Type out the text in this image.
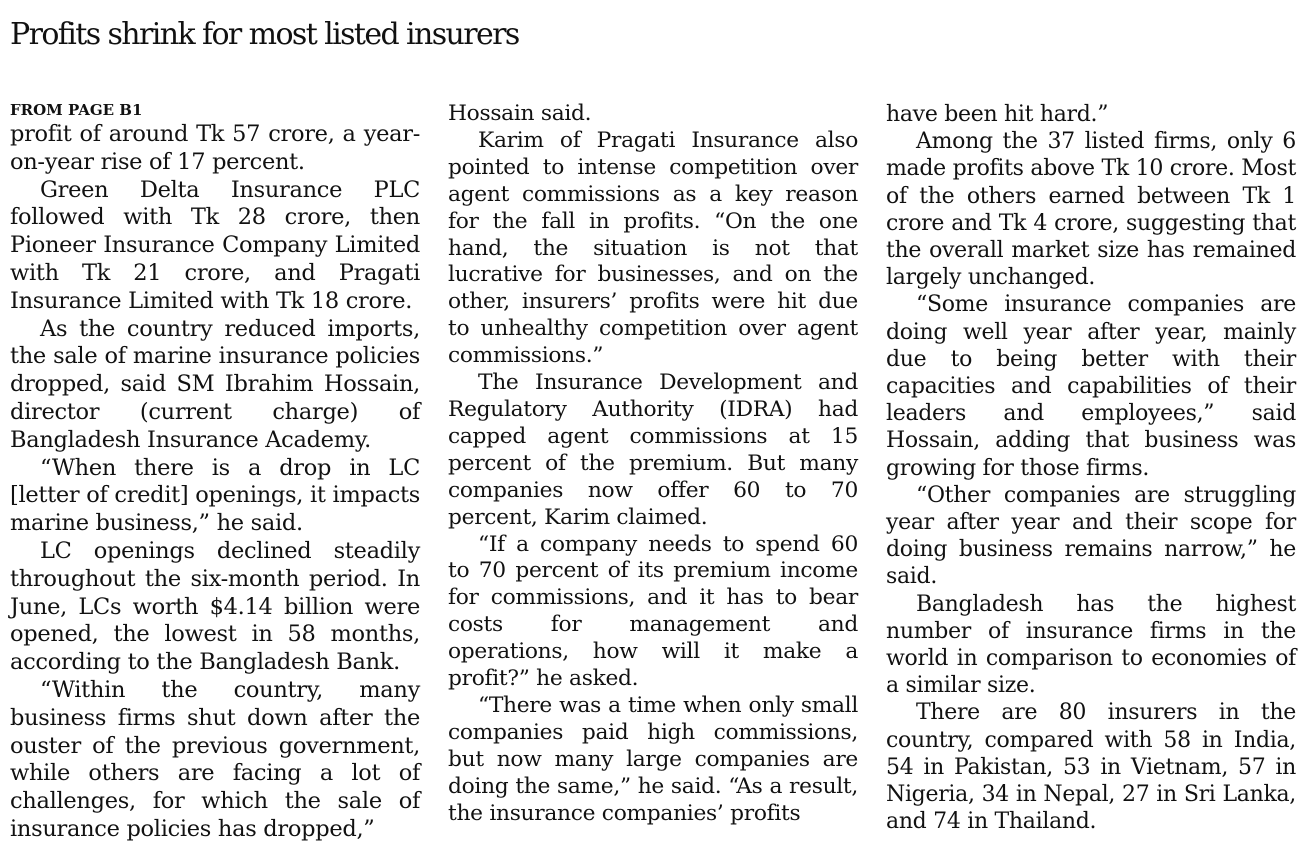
Profits shrink for most listed insurers
FROM PAGE B1

profit of around Tk 57 crore, a year-on-year rise of 17 percent.

Green Delta Insurance PLC followed with Tk 28 crore, then Pioneer Insurance Company Limited with Tk 21 crore, and Pragati Insurance Limited with Tk 18 crore.

As the country reduced imports, the sale of marine insurance policies dropped, said SM Ibrahim Hossain, director (current charge) of Bangladesh Insurance Academy.

“When there is a drop in LC [letter of credit] openings, it impacts marine business,” he said.

LC openings declined steadily throughout the six-month period. In June, LCs worth $4.14 billion were opened, the lowest in 58 months, according to the Bangladesh Bank.

“Within the country, many business firms shut down after the ouster of the previous government, while others are facing a lot of challenges, for which the sale of insurance policies has dropped,”

Hossain said.

Karim of Pragati Insurance also pointed to intense competition over agent commissions as a key reason for the fall in profits. “On the one hand, the situation is not that lucrative for businesses, and on the other, insurers’ profits were hit due to unhealthy competition over agent commissions.”

The Insurance Development and Regulatory Authority (IDRA) had capped agent commissions at 15 percent of the premium. But many companies now offer 60 to 70 percent, Karim claimed.

“If a company needs to spend 60 to 70 percent of its premium income for commissions, and it has to bear costs for management and operations, how will it make a profit?” he asked.

“There was a time when only small companies paid high commissions, but now many large companies are doing the same,” he said. “As a result, the insurance companies’ profits

have been hit hard.”

Among the 37 listed firms, only 6 made profits above Tk 10 crore. Most of the others earned between Tk 1 crore and Tk 4 crore, suggesting that the overall market size has remained largely unchanged.

“Some insurance companies are doing well year after year, mainly due to being better with their capacities and capabilities of their leaders and employees,” said Hossain, adding that business was growing for those firms.

“Other companies are struggling year after year and their scope for doing business remains narrow,” he said.

Bangladesh has the highest number of insurance firms in the world in comparison to economies of a similar size.

There are 80 insurers in the country, compared with 58 in India, 54 in Pakistan, 53 in Vietnam, 57 in Nigeria, 34 in Nepal, 27 in Sri Lanka, and 74 in Thailand.
